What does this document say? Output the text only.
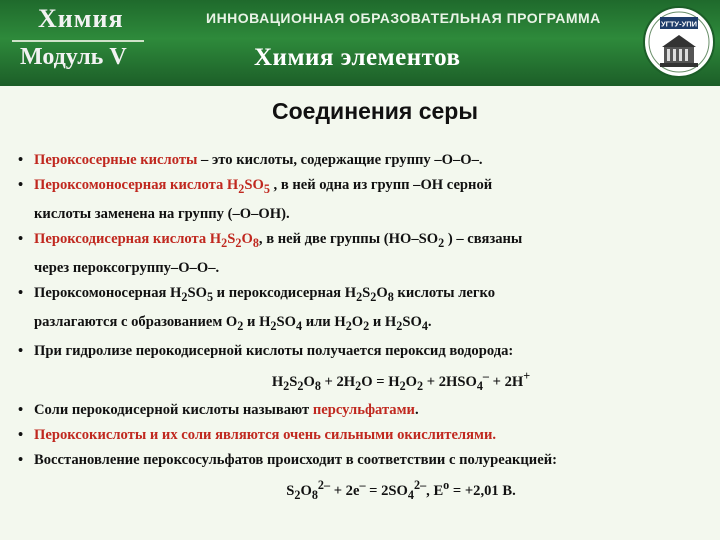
Химия
Модуль V
ИННОВАЦИОННАЯ ОБРАЗОВАТЕЛЬНАЯ ПРОГРАММА
Химия элементов
УГТУ-УПИ
Соединения серы
• Пероксосерные кислоты – это кислоты, содержащие группу –O–O–.
• Пероксомоносерная кислота $H_2SO_5$ , в ней одна из групп –OH серной
кислоты заменена на группу (–O–OH).
• Пероксодисерная кислота $H_2S_2O_8$, в ней две группы ($HO-SO_2$ ) – связаны
через пероксогруппу–O–O–.
• Пероксомоносерная $H_2SO_5$ и пероксодисерная $H_2S_2O_8$ кислоты легко
разлагаются с образованием $O_2$ и $H_2SO_4$ или $H_2O_2$ и $H_2SO_4$.
• При гидролизе перокодисерной кислоты получается пероксид водорода:
$H_2S_2O_8 + 2H_2O = H_2O_2 + 2HSO_4^- + 2H^+$
• Соли перокодисерной кислоты называют персульфатами.
• Пероксокислоты и их соли являются очень сильными окислителями.
• Восстановление пероксосульфатов происходит в соответствии с полуреакцией:
$S_2O_8^{2-} + 2e^- = 2SO_4^{2-}$, $E^o = +2,01$ В.
